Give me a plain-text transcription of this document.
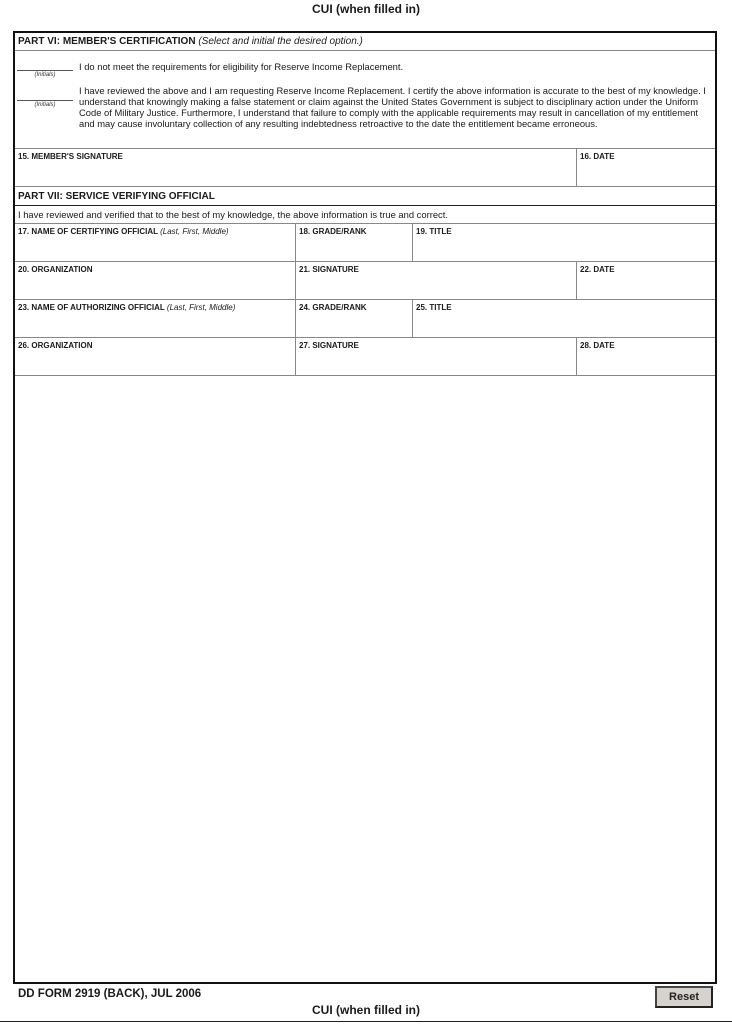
CUI (when filled in)
PART VI: MEMBER'S CERTIFICATION (Select and initial the desired option.)
(Initials)
I do not meet the requirements for eligibility for Reserve Income Replacement.
(Initials)
I have reviewed the above and I am requesting Reserve Income Replacement. I certify the above information is accurate to the best of my knowledge. I understand that knowingly making a false statement or claim against the United States Government is subject to disciplinary action under the Uniform Code of Military Justice. Furthermore, I understand that failure to comply with the applicable requirements may result in cancellation of my entitlement and may cause involuntary collection of any resulting indebtedness retroactive to the date the entitlement became erroneous.
15. MEMBER'S SIGNATURE	16. DATE
PART VII: SERVICE VERIFYING OFFICIAL
I have reviewed and verified that to the best of my knowledge, the above information is true and correct.
17. NAME OF CERTIFYING OFFICIAL (Last, First, Middle)	18. GRADE/RANK	19. TITLE
20. ORGANIZATION	21. SIGNATURE	22. DATE
23. NAME OF AUTHORIZING OFFICIAL (Last, First, Middle)	24. GRADE/RANK	25. TITLE
26. ORGANIZATION	27. SIGNATURE	28. DATE
DD FORM 2919 (BACK), JUL 2006	Reset
CUI (when filled in)
